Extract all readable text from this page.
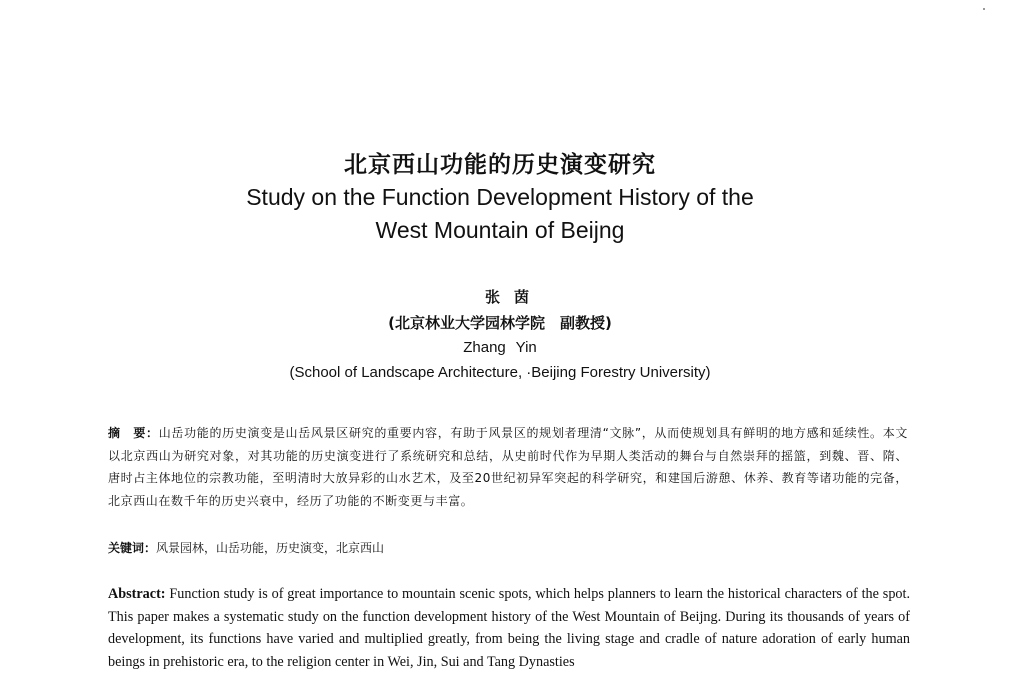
北京西山功能的历史演变研究
Study on the Function Development History of the
West Mountain of Beijng
张茵
(北京林业大学园林学院　副教授)
Zhang Yin
(School of Landscape Architecture, ·Beijing Forestry University)
摘　要：山岳功能的历史演变是山岳风景区研究的重要内容，有助于风景区的规划者理清“文脉”，从而使规划具有鲜明的地方感和延续性。本文以北京西山为研究对象，对其功能的历史演变进行了系统研究和总结，从史前时代作为早期人类活动的舞台与自然崇拜的摇篮，到魏、晋、隋、唐时占主体地位的宗教功能，至明清时大放异彩的山水艺术，及至20世纪初异军突起的科学研究，和建国后游憩、休养、教育等诸功能的完备，北京西山在数千年的历史兴衰中，经历了功能的不断变更与丰富。
关键词：风景园林，山岳功能，历史演变，北京西山
Abstract: Function study is of great importance to mountain scenic spots, which helps planners to learn the historical characters of the spot. This paper makes a systematic study on the function development history of the West Mountain of Beijng. During its thousands of years of development, its functions have varied and multiplied greatly, from being the living stage and cradle of nature adoration of early human beings in prehistoric era, to the religion center in Wei, Jin, Sui and Tang Dynasties
